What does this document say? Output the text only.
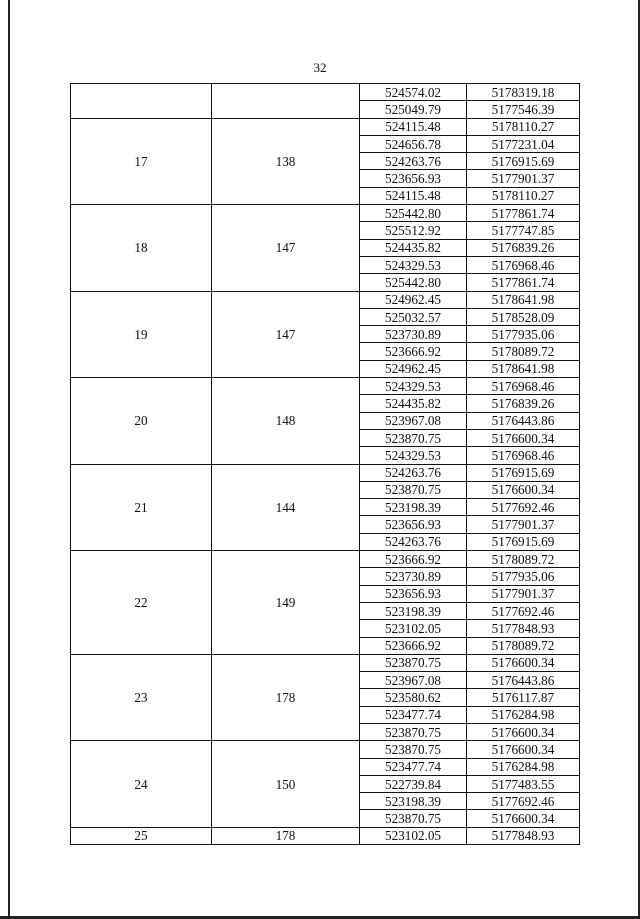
32
		524574.02	5178319.18
		525049.79	5177546.39
17	138	524115.48	5178110.27
		524656.78	5177231.04
		524263.76	5176915.69
		523656.93	5177901.37
		524115.48	5178110.27
18	147	525442.80	5177861.74
		525512.92	5177747.85
		524435.82	5176839.26
		524329.53	5176968.46
		525442.80	5177861.74
19	147	524962.45	5178641.98
		525032.57	5178528.09
		523730.89	5177935.06
		523666.92	5178089.72
		524962.45	5178641.98
20	148	524329.53	5176968.46
		524435.82	5176839.26
		523967.08	5176443.86
		523870.75	5176600.34
		524329.53	5176968.46
21	144	524263.76	5176915.69
		523870.75	5176600.34
		523198.39	5177692.46
		523656.93	5177901.37
		524263.76	5176915.69
22	149	523666.92	5178089.72
		523730.89	5177935.06
		523656.93	5177901.37
		523198.39	5177692.46
		523102.05	5177848.93
		523666.92	5178089.72
23	178	523870.75	5176600.34
		523967.08	5176443.86
		523580.62	5176117.87
		523477.74	5176284.98
		523870.75	5176600.34
24	150	523870.75	5176600.34
		523477.74	5176284.98
		522739.84	5177483.55
		523198.39	5177692.46
		523870.75	5176600.34
25	178	523102.05	5177848.93
